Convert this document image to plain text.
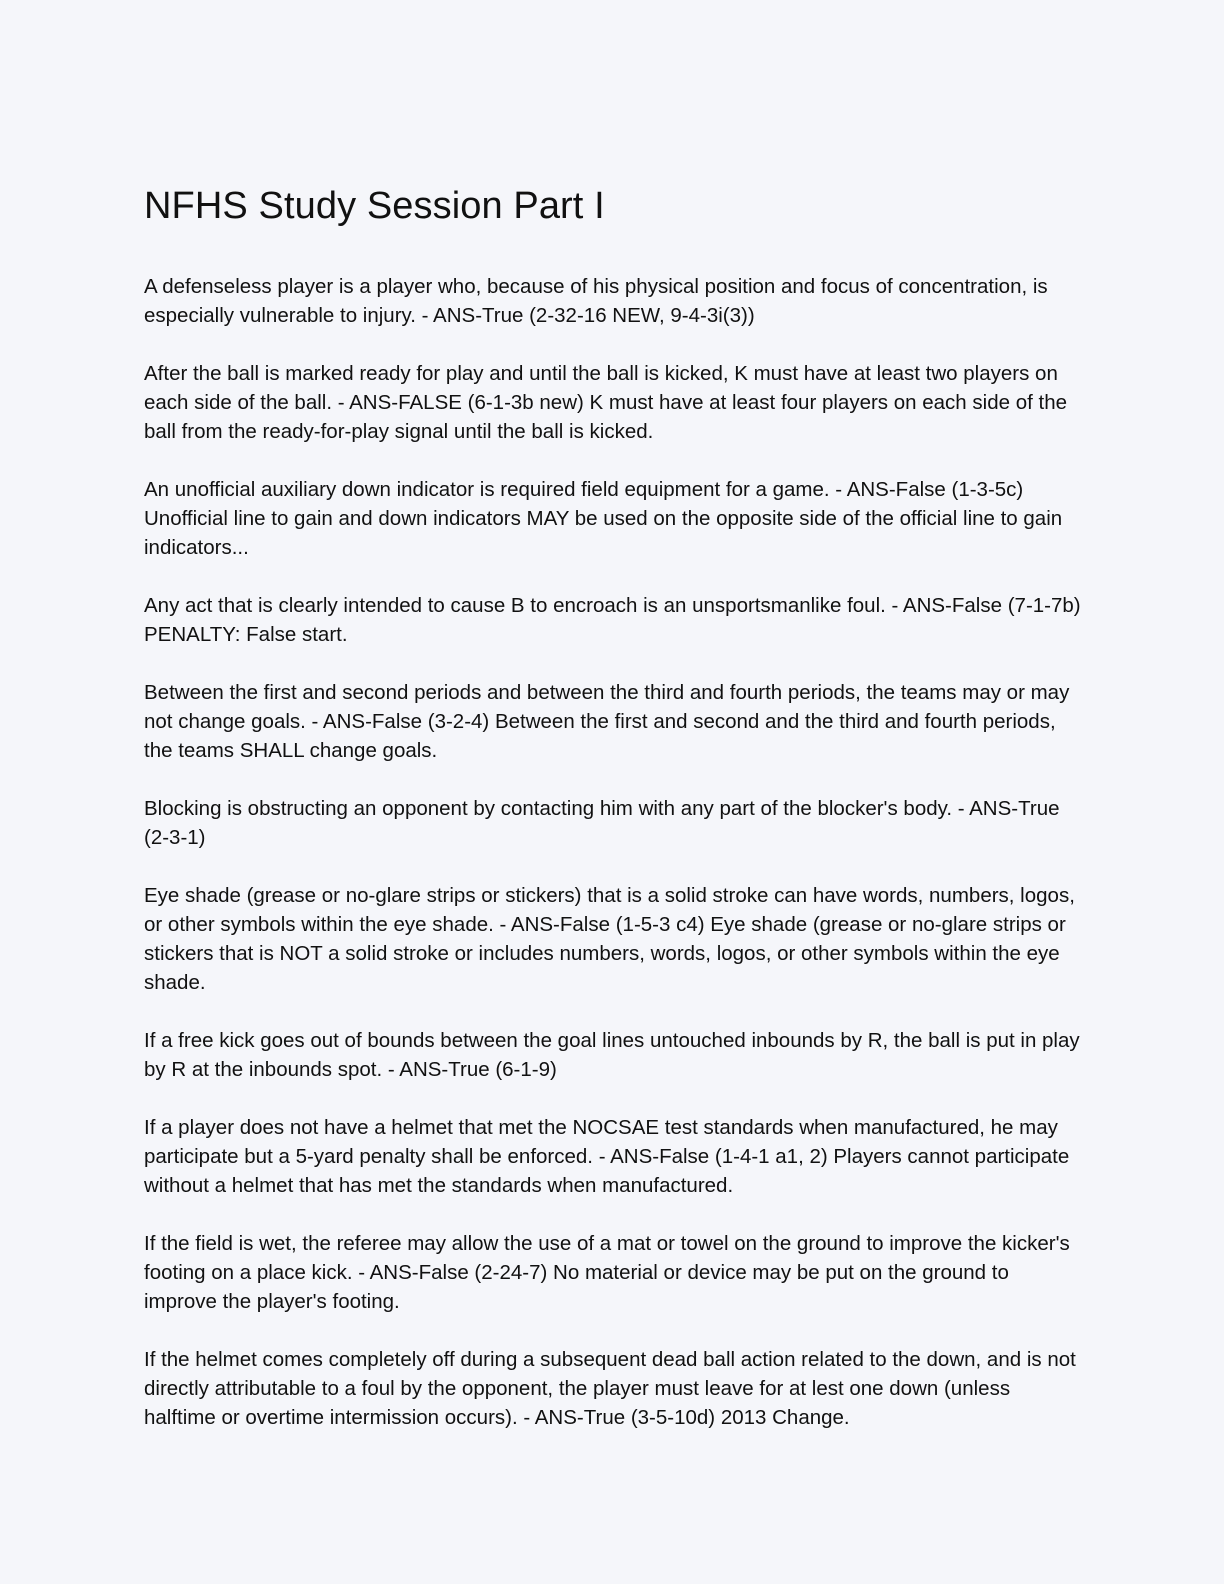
NFHS Study Session Part I

A defenseless player is a player who, because of his physical position and focus of concentration, is especially vulnerable to injury. - ANS-True (2-32-16 NEW, 9-4-3i(3))

After the ball is marked ready for play and until the ball is kicked, K must have at least two players on each side of the ball. - ANS-FALSE (6-1-3b new) K must have at least four players on each side of the ball from the ready-for-play signal until the ball is kicked.

An unofficial auxiliary down indicator is required field equipment for a game. - ANS-False (1-3-5c) Unofficial line to gain and down indicators MAY be used on the opposite side of the official line to gain indicators...

Any act that is clearly intended to cause B to encroach is an unsportsmanlike foul. - ANS-False (7-1-7b) PENALTY: False start.

Between the first and second periods and between the third and fourth periods, the teams may or may not change goals. - ANS-False (3-2-4) Between the first and second and the third and fourth periods, the teams SHALL change goals.

Blocking is obstructing an opponent by contacting him with any part of the blocker's body. - ANS-True (2-3-1)

Eye shade (grease or no-glare strips or stickers) that is a solid stroke can have words, numbers, logos, or other symbols within the eye shade. - ANS-False (1-5-3 c4) Eye shade (grease or no-glare strips or stickers that is NOT a solid stroke or includes numbers, words, logos, or other symbols within the eye shade.

If a free kick goes out of bounds between the goal lines untouched inbounds by R, the ball is put in play by R at the inbounds spot. - ANS-True (6-1-9)

If a player does not have a helmet that met the NOCSAE test standards when manufactured, he may participate but a 5-yard penalty shall be enforced. - ANS-False (1-4-1 a1, 2) Players cannot participate without a helmet that has met the standards when manufactured.

If the field is wet, the referee may allow the use of a mat or towel on the ground to improve the kicker's footing on a place kick. - ANS-False (2-24-7) No material or device may be put on the ground to improve the player's footing.

If the helmet comes completely off during a subsequent dead ball action related to the down, and is not directly attributable to a foul by the opponent, the player must leave for at lest one down (unless halftime or overtime intermission occurs). - ANS-True (3-5-10d) 2013 Change.
